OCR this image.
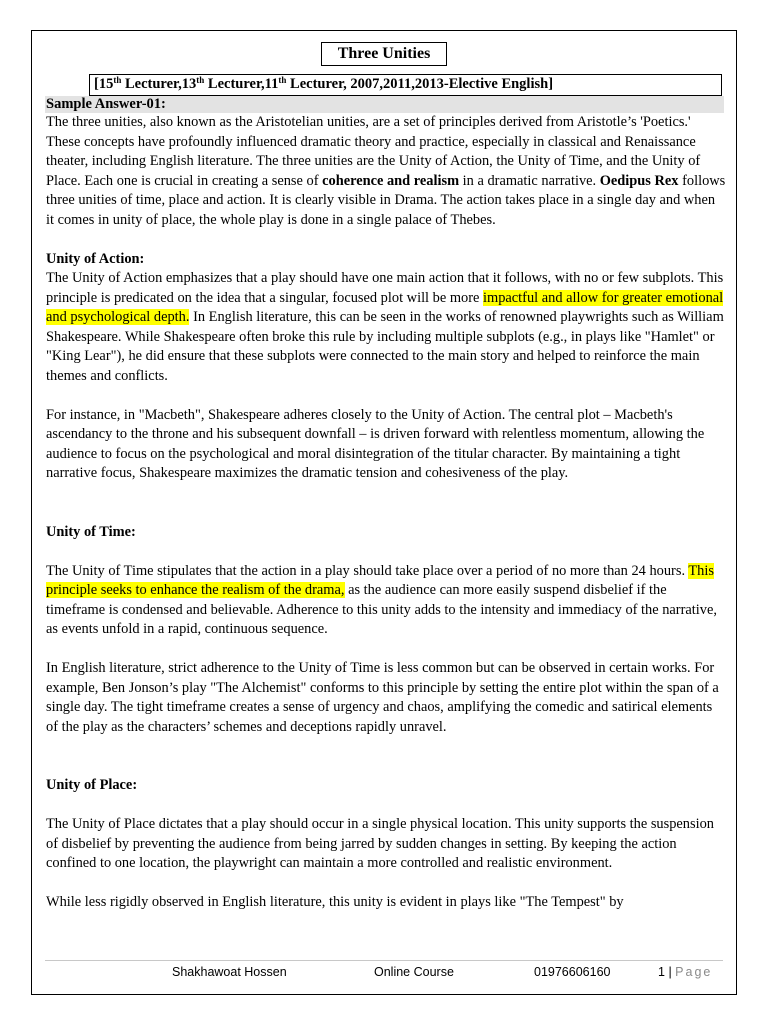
Three Unities
[15th Lecturer,13th Lecturer,11th Lecturer, 2007,2011,2013-Elective English]
Sample Answer-01:

The three unities, also known as the Aristotelian unities, are a set of principles derived from Aristotle’s 'Poetics.' These concepts have profoundly influenced dramatic theory and practice, especially in classical and Renaissance theater, including English literature. The three unities are the Unity of Action, the Unity of Time, and the Unity of Place. Each one is crucial in creating a sense of coherence and realism in a dramatic narrative. Oedipus Rex follows three unities of time, place and action. It is clearly visible in Drama. The action takes place in a single day and when it comes in unity of place, the whole play is done in a single palace of Thebes.

Unity of Action:

The Unity of Action emphasizes that a play should have one main action that it follows, with no or few subplots. This principle is predicated on the idea that a singular, focused plot will be more impactful and allow for greater emotional and psychological depth. In English literature, this can be seen in the works of renowned playwrights such as William Shakespeare. While Shakespeare often broke this rule by including multiple subplots (e.g., in plays like "Hamlet" or "King Lear"), he did ensure that these subplots were connected to the main story and helped to reinforce the main themes and conflicts.

For instance, in "Macbeth", Shakespeare adheres closely to the Unity of Action. The central plot – Macbeth's ascendancy to the throne and his subsequent downfall – is driven forward with relentless momentum, allowing the audience to focus on the psychological and moral disintegration of the titular character. By maintaining a tight narrative focus, Shakespeare maximizes the dramatic tension and cohesiveness of the play.

Unity of Time:

The Unity of Time stipulates that the action in a play should take place over a period of no more than 24 hours. This principle seeks to enhance the realism of the drama, as the audience can more easily suspend disbelief if the timeframe is condensed and believable. Adherence to this unity adds to the intensity and immediacy of the narrative, as events unfold in a rapid, continuous sequence.

In English literature, strict adherence to the Unity of Time is less common but can be observed in certain works. For example, Ben Jonson’s play "The Alchemist" conforms to this principle by setting the entire plot within the span of a single day. The tight timeframe creates a sense of urgency and chaos, amplifying the comedic and satirical elements of the play as the characters’ schemes and deceptions rapidly unravel.

Unity of Place:

The Unity of Place dictates that a play should occur in a single physical location. This unity supports the suspension of disbelief by preventing the audience from being jarred by sudden changes in setting. By keeping the action confined to one location, the playwright can maintain a more controlled and realistic environment.

While less rigidly observed in English literature, this unity is evident in plays like "The Tempest" by

Shakhawoat Hossen	Online Course	01976606160	1 | Page
